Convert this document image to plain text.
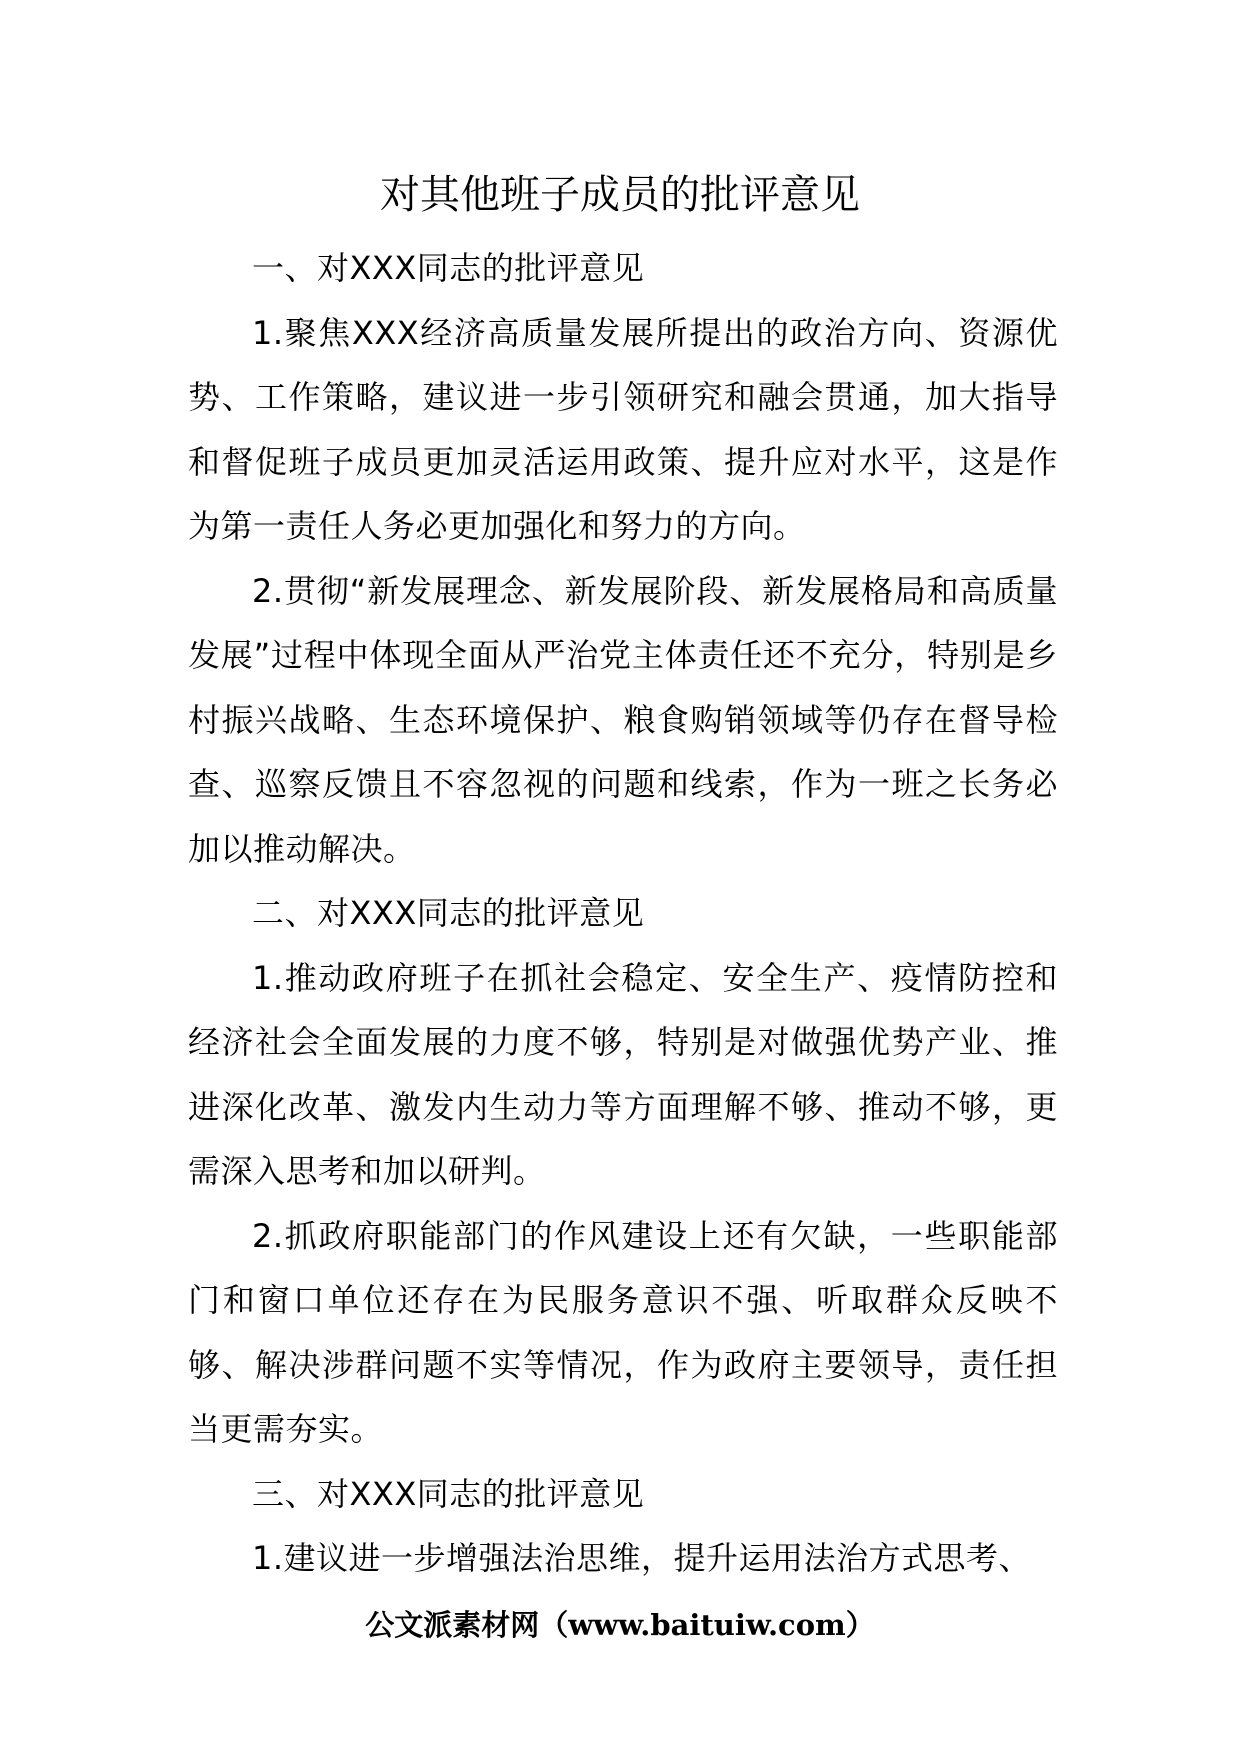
对其他班子成员的批评意见

一、对XXX同志的批评意见

1.聚焦XXX经济高质量发展所提出的政治方向、资源优势、工作策略，建议进一步引领研究和融会贯通，加大指导和督促班子成员更加灵活运用政策、提升应对水平，这是作为第一责任人务必更加强化和努力的方向。

2.贯彻“新发展理念、新发展阶段、新发展格局和高质量发展”过程中体现全面从严治党主体责任还不充分，特别是乡村振兴战略、生态环境保护、粮食购销领域等仍存在督导检查、巡察反馈且不容忽视的问题和线索，作为一班之长务必加以推动解决。

二、对XXX同志的批评意见

1.推动政府班子在抓社会稳定、安全生产、疫情防控和经济社会全面发展的力度不够，特别是对做强优势产业、推进深化改革、激发内生动力等方面理解不够、推动不够，更需深入思考和加以研判。

2.抓政府职能部门的作风建设上还有欠缺，一些职能部门和窗口单位还存在为民服务意识不强、听取群众反映不够、解决涉群问题不实等情况，作为政府主要领导，责任担当更需夯实。

三、对XXX同志的批评意见

1.建议进一步增强法治思维，提升运用法治方式思考、

公文派素材网（www.baituiw.com）
